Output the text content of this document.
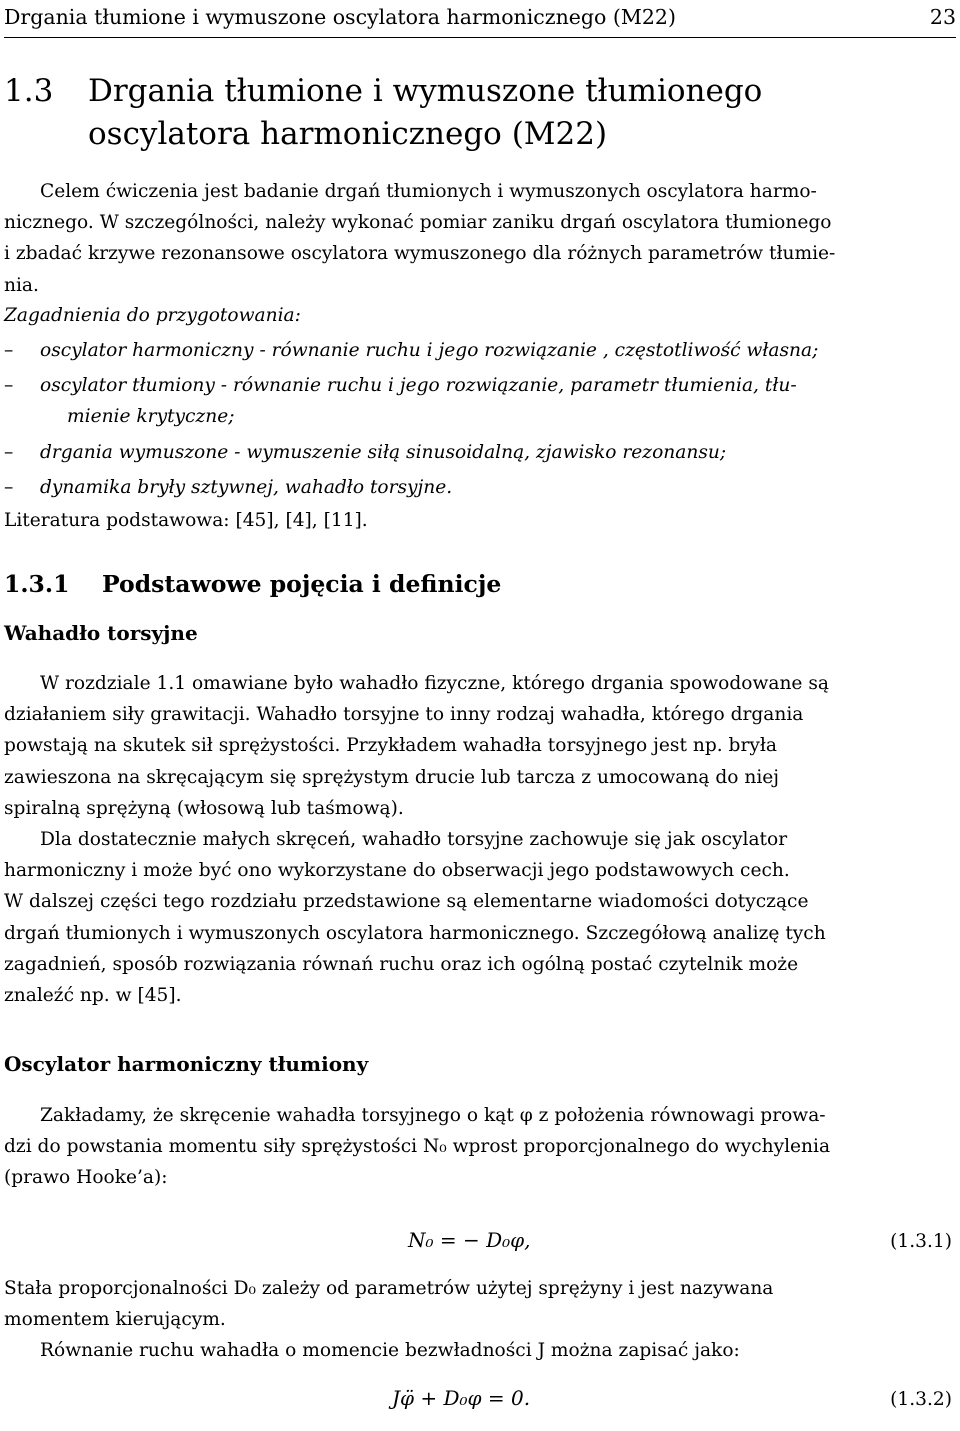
Drgania tłumione i wymuszone oscylatora harmonicznego (M22)	23
1.3 Drgania tłumione i wymuszone tłumionego
oscylatora harmonicznego (M22)
Celem ćwiczenia jest badanie drgań tłumionych i wymuszonych oscylatora harmo-
nicznego. W szczególności, należy wykonać pomiar zaniku drgań oscylatora tłumionego
i zbadać krzywe rezonansowe oscylatora wymuszonego dla różnych parametrów tłumie-
nia.
Zagadnienia do przygotowania:
– oscylator harmoniczny - równanie ruchu i jego rozwiązanie , częstotliwość własna;
– oscylator tłumiony - równanie ruchu i jego rozwiązanie, parametr tłumienia, tłu-
mienie krytyczne;
– drgania wymuszone - wymuszenie siłą sinusoidalną, zjawisko rezonansu;
– dynamika bryły sztywnej, wahadło torsyjne.
Literatura podstawowa: [45], [4], [11].
1.3.1 Podstawowe pojęcia i definicje
Wahadło torsyjne
W rozdziale 1.1 omawiane było wahadło fizyczne, którego drgania spowodowane są
działaniem siły grawitacji. Wahadło torsyjne to inny rodzaj wahadła, którego drgania
powstają na skutek sił sprężystości. Przykładem wahadła torsyjnego jest np. bryła
zawieszona na skręcającym się sprężystym drucie lub tarcza z umocowaną do niej
spiralną sprężyną (włosową lub taśmową).
Dla dostatecznie małych skręceń, wahadło torsyjne zachowuje się jak oscylator
harmoniczny i może być ono wykorzystane do obserwacji jego podstawowych cech.
W dalszej części tego rozdziału przedstawione są elementarne wiadomości dotyczące
drgań tłumionych i wymuszonych oscylatora harmonicznego. Szczegółową analizę tych
zagadnień, sposób rozwiązania równań ruchu oraz ich ogólną postać czytelnik może
znaleźć np. w [45].
Oscylator harmoniczny tłumiony
Zakładamy, że skręcenie wahadła torsyjnego o kąt φ z położenia równowagi prowa-
dzi do powstania momentu siły sprężystości N₀ wprost proporcjonalnego do wychylenia
(prawo Hooke’a):
N₀ = − D₀φ,	(1.3.1)
Stała proporcjonalności D₀ zależy od parametrów użytej sprężyny i jest nazywana
momentem kierującym.
Równanie ruchu wahadła o momencie bezwładności J można zapisać jako:
Jφ̈ + D₀φ = 0.	(1.3.2)
